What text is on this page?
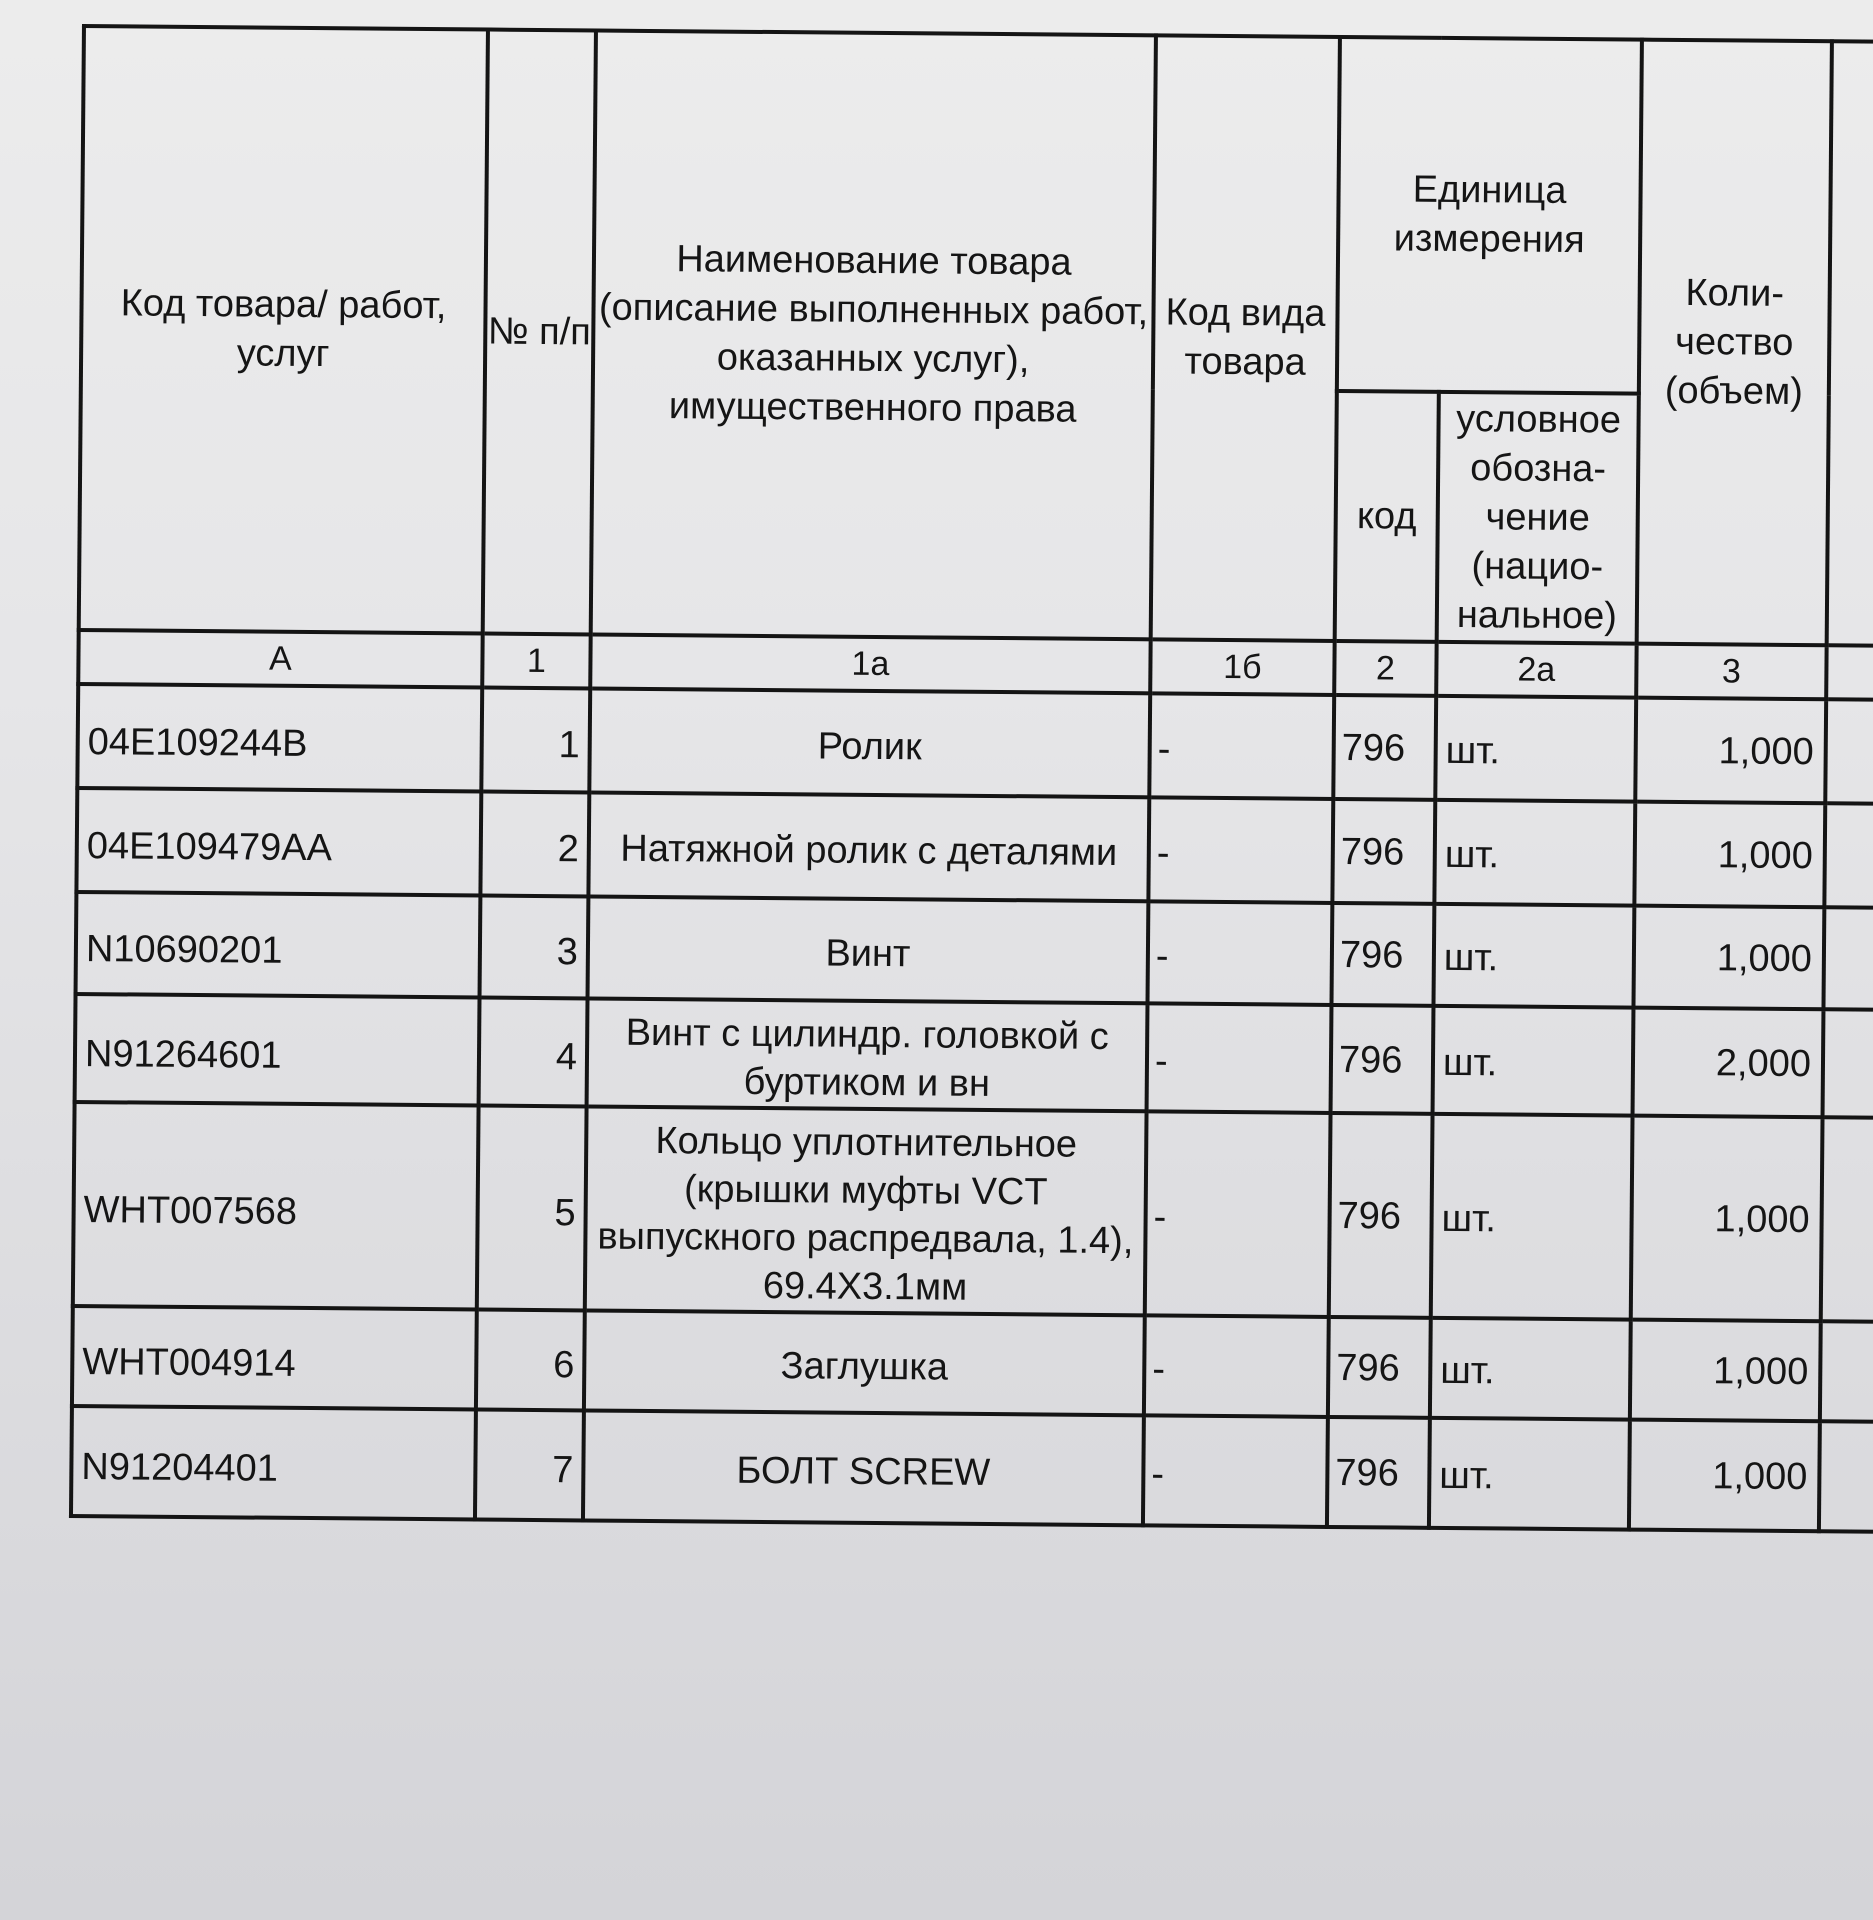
Код товара/ работ, услуг	№ п/п	Наименование товара (описание выполненных работ, оказанных услуг), имущественного права	Код вида товара	Единица измерения		Коли- чество (объем)	
				код	условное обозна- чение (нацио- нальное)		
А	1	1а	1б	2	2а	3	
04E109244B	1	Ролик	-	796	шт.	1,000	
04E109479AA	2	Натяжной ролик с деталями	-	796	шт.	1,000	
N10690201	3	Винт	-	796	шт.	1,000	
N91264601	4	Винт с цилиндр. головкой с буртиком и вн	-	796	шт.	2,000	
WHT007568	5	Кольцо уплотнительное (крышки муфты VCT выпускного распредвала, 1.4), 69.4X3.1мм	-	796	шт.	1,000	
WHT004914	6	Заглушка	-	796	шт.	1,000	
N91204401	7	БОЛТ SCREW	-	796	шт.	1,000	
